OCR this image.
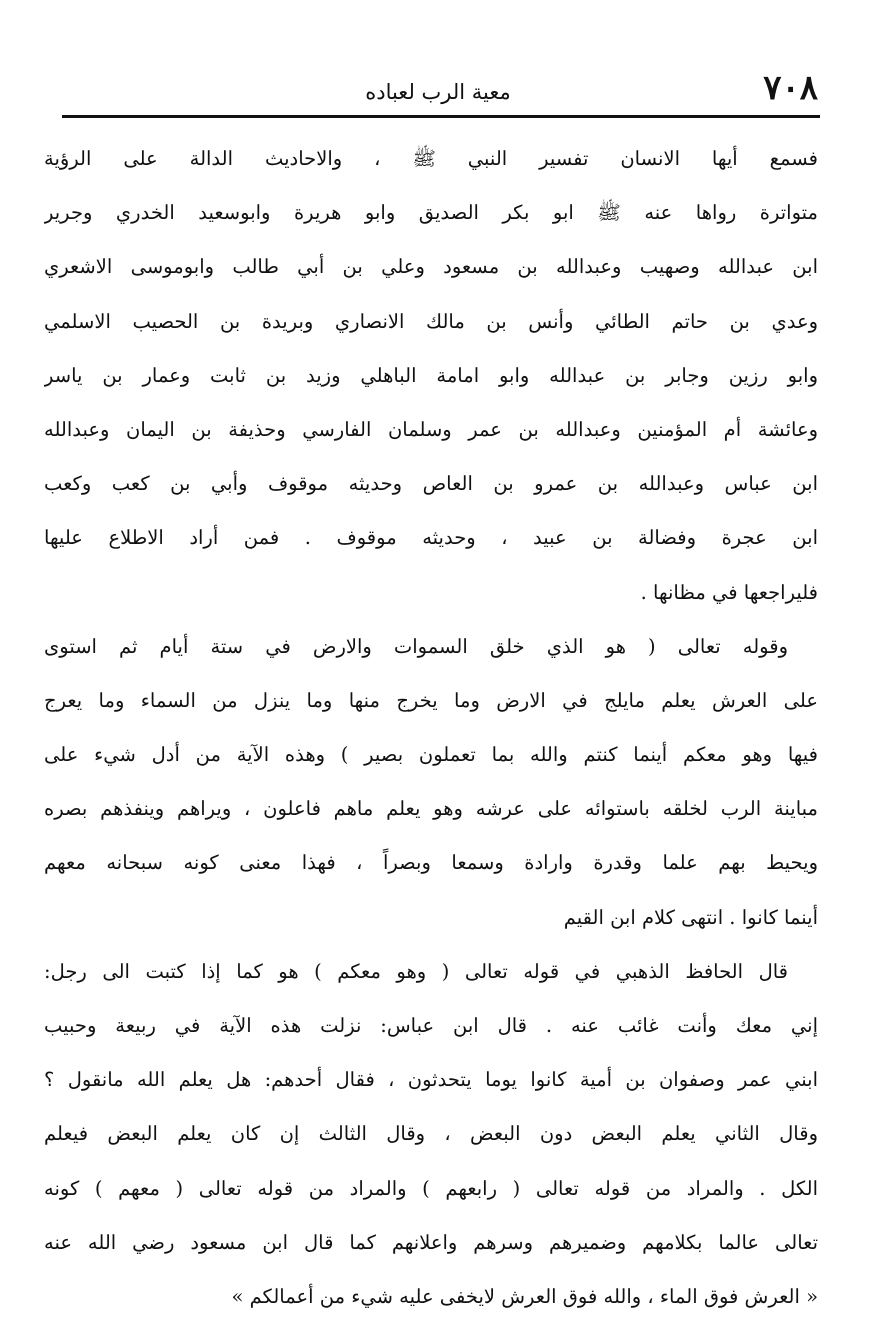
٧٠٨
معية الرب لعباده
فسمع أيها الانسان تفسير النبي ﷺ ، والاحاديث الدالة على الرؤية
متواترة رواها عنه ﷺ ابو بكر الصديق وابو هريرة وابوسعيد الخدري وجرير
ابن عبدالله وصهيب وعبدالله بن مسعود وعلي بن أبي طالب وابوموسى الاشعري
وعدي بن حاتم الطائي وأنس بن مالك الانصاري وبريدة بن الحصيب الاسلمي
وابو رزين وجابر بن عبدالله وابو امامة الباهلي وزيد بن ثابت وعمار بن ياسر
وعائشة أم المؤمنين وعبدالله بن عمر وسلمان الفارسي وحذيفة بن اليمان وعبدالله
ابن عباس وعبدالله بن عمرو بن العاص وحديثه موقوف وأبي بن كعب وكعب
ابن عجرة وفضالة بن عبيد ، وحديثه موقوف . فمن أراد الاطلاع عليها
فليراجعها في مظانها .
وقوله تعالى ( هو الذي خلق السموات والارض في ستة أيام ثم استوى
على العرش يعلم مايلج في الارض وما يخرج منها وما ينزل من السماء وما يعرج
فيها وهو معكم أينما كنتم والله بما تعملون بصير ) وهذه الآية من أدل شيء على
مباينة الرب لخلقه باستوائه على عرشه وهو يعلم ماهم فاعلون ، ويراهم وينفذهم بصره
ويحيط بهم علما وقدرة وارادة وسمعا وبصراً ، فهذا معنى كونه سبحانه معهم
أينما كانوا . انتهى كلام ابن القيم
قال الحافظ الذهبي في قوله تعالى ( وهو معكم ) هو كما إذا كتبت الى رجل:
إني معك وأنت غائب عنه . قال ابن عباس: نزلت هذه الآية في ربيعة وحبيب
ابني عمر وصفوان بن أمية كانوا يوما يتحدثون ، فقال أحدهم: هل يعلم الله مانقول ؟
وقال الثاني يعلم البعض دون البعض ، وقال الثالث إن كان يعلم البعض فيعلم
الكل . والمراد من قوله تعالى ( رابعهم ) والمراد من قوله تعالى ( معهم ) كونه
تعالى عالما بكلامهم وضميرهم وسرهم واعلانهم كما قال ابن مسعود رضي الله عنه
« العرش فوق الماء ، والله فوق العرش لايخفى عليه شيء من أعمالكم »
